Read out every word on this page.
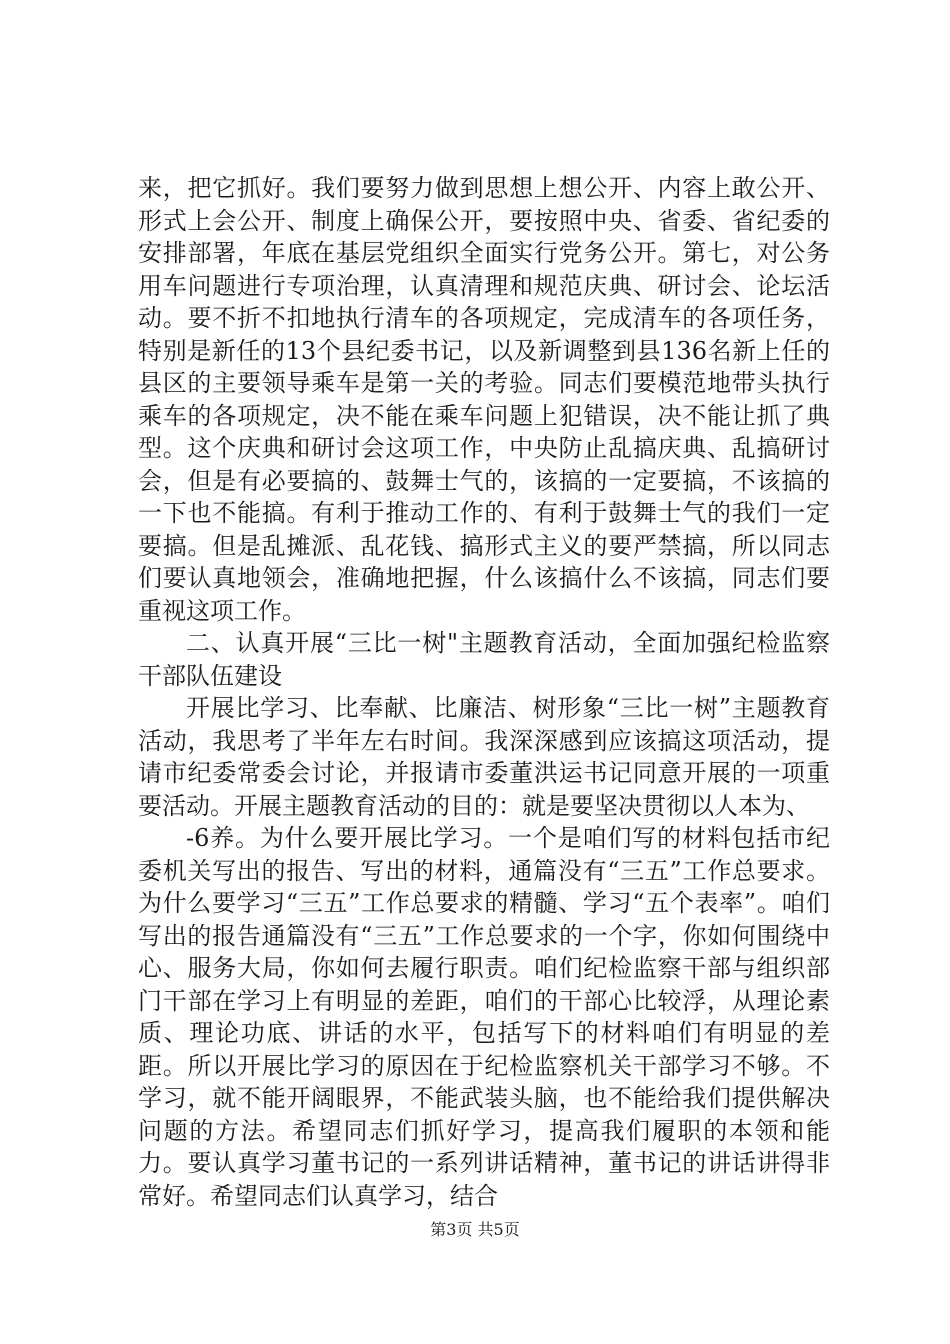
来，把它抓好。我们要努力做到思想上想公开、内容上敢公开、形式上会公开、制度上确保公开，要按照中央、省委、省纪委的安排部署，年底在基层党组织全面实行党务公开。第七，对公务用车问题进行专项治理，认真清理和规范庆典、研讨会、论坛活动。要不折不扣地执行清车的各项规定，完成清车的各项任务，特别是新任的13个县纪委书记，以及新调整到县136名新上任的县区的主要领导乘车是第一关的考验。同志们要模范地带头执行乘车的各项规定，决不能在乘车问题上犯错误，决不能让抓了典型。这个庆典和研讨会这项工作，中央防止乱搞庆典、乱搞研讨会，但是有必要搞的、鼓舞士气的，该搞的一定要搞，不该搞的一下也不能搞。有利于推动工作的、有利于鼓舞士气的我们一定要搞。但是乱摊派、乱花钱、搞形式主义的要严禁搞，所以同志们要认真地领会，准确地把握，什么该搞什么不该搞，同志们要重视这项工作。

二、认真开展“三比一树"主题教育活动，全面加强纪检监察干部队伍建设

开展比学习、比奉献、比廉洁、树形象“三比一树”主题教育活动，我思考了半年左右时间。我深深感到应该搞这项活动，提请市纪委常委会讨论，并报请市委董洪运书记同意开展的一项重要活动。开展主题教育活动的目的：就是要坚决贯彻以人本为、

-6养。为什么要开展比学习。一个是咱们写的材料包括市纪委机关写出的报告、写出的材料，通篇没有“三五”工作总要求。为什么要学习“三五”工作总要求的精髓、学习“五个表率”。咱们写出的报告通篇没有“三五”工作总要求的一个字，你如何围绕中心、服务大局，你如何去履行职责。咱们纪检监察干部与组织部门干部在学习上有明显的差距，咱们的干部心比较浮，从理论素质、理论功底、讲话的水平，包括写下的材料咱们有明显的差距。所以开展比学习的原因在于纪检监察机关干部学习不够。不学习，就不能开阔眼界，不能武装头脑，也不能给我们提供解决问题的方法。希望同志们抓好学习，提高我们履职的本领和能力。要认真学习董书记的一系列讲话精神，董书记的讲话讲得非常好。希望同志们认真学习，结合

第3页 共5页
